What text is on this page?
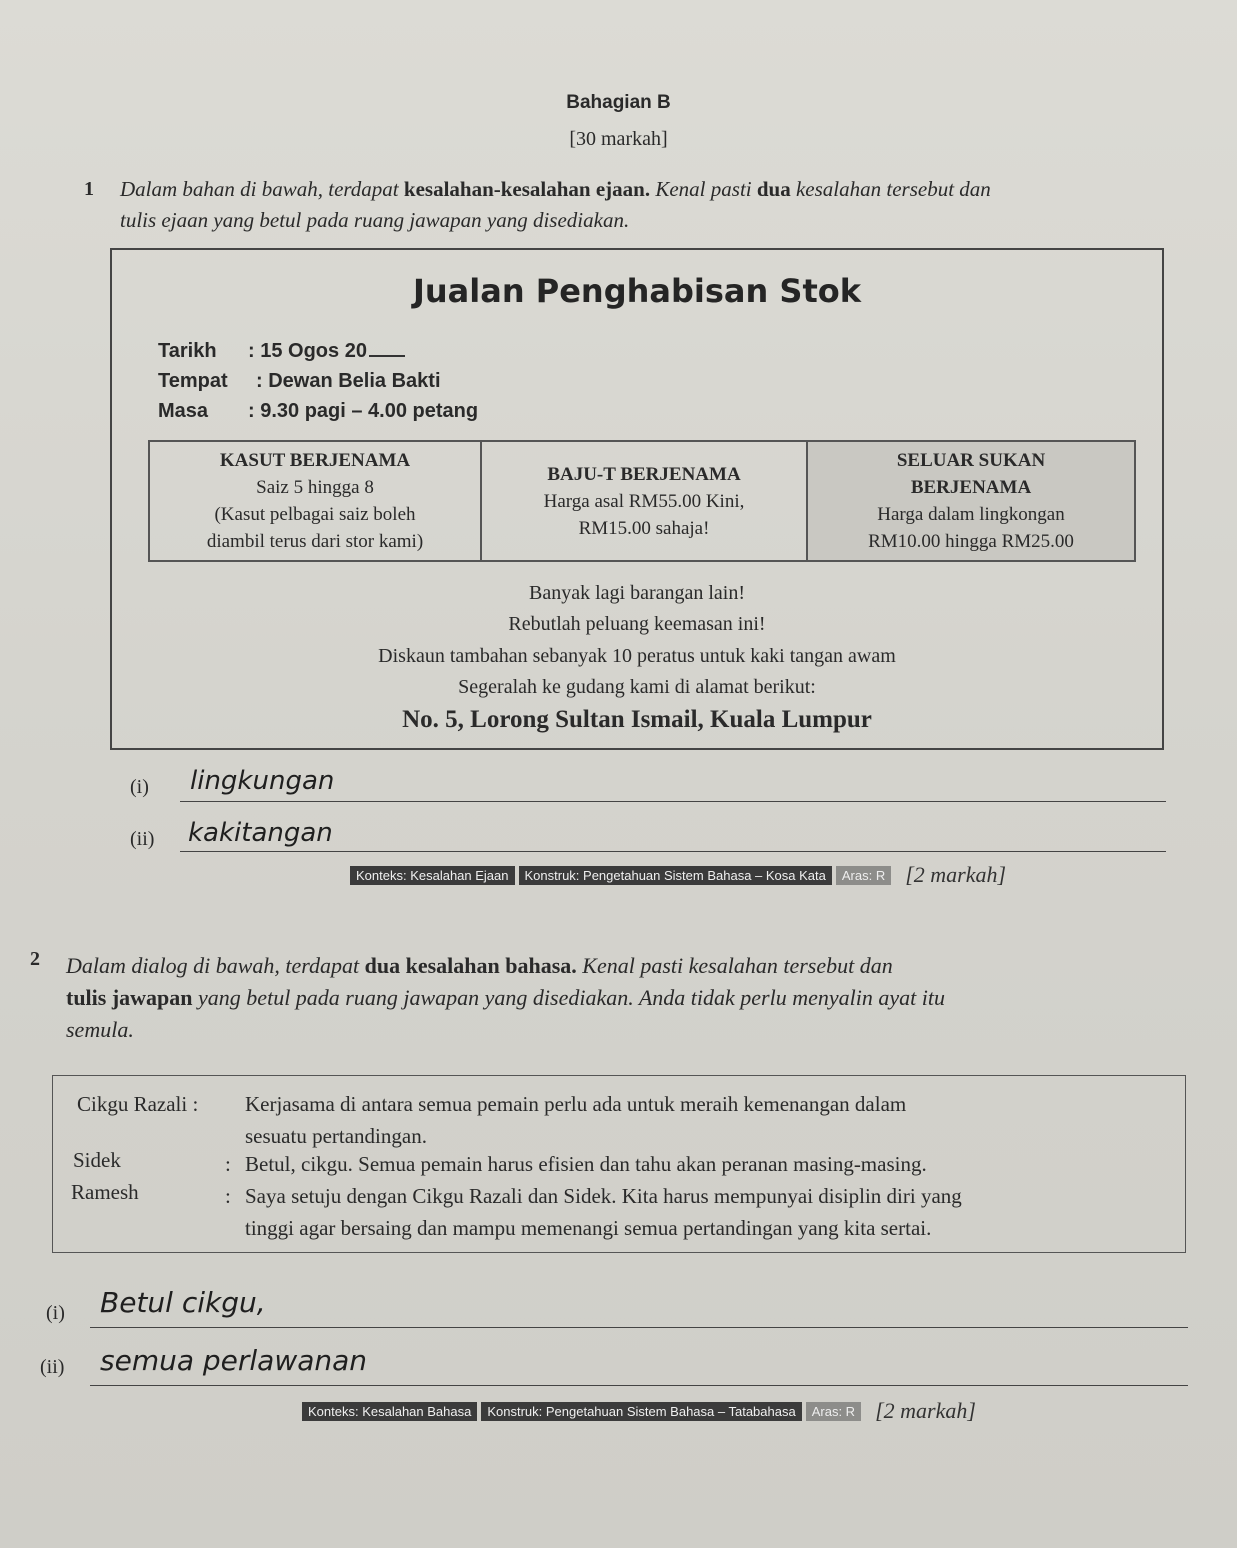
Bahagian B
[30 markah]
1 Dalam bahan di bawah, terdapat kesalahan-kesalahan ejaan. Kenal pasti dua kesalahan tersebut dan
tulis ejaan yang betul pada ruang jawapan yang disediakan.
Jualan Penghabisan Stok
Tarikh : 15 Ogos 20
Tempat : Dewan Belia Bakti
Masa : 9.30 pagi – 4.00 petang
KASUT BERJENAMA
Saiz 5 hingga 8
(Kasut pelbagai saiz boleh
diambil terus dari stor kami)
BAJU-T BERJENAMA
Harga asal RM55.00 Kini,
RM15.00 sahaja!
SELUAR SUKAN
BERJENAMA
Harga dalam lingkongan
RM10.00 hingga RM25.00
Banyak lagi barangan lain!
Rebutlah peluang keemasan ini!
Diskaun tambahan sebanyak 10 peratus untuk kaki tangan awam
Segeralah ke gudang kami di alamat berikut:
No. 5, Lorong Sultan Ismail, Kuala Lumpur
(i) lingkungan
(ii) kakitangan
Konteks: Kesalahan Ejaan	Konstruk: Pengetahuan Sistem Bahasa – Kosa Kata	Aras: R [2 markah]
2 Dalam dialog di bawah, terdapat dua kesalahan bahasa. Kenal pasti kesalahan tersebut dan
tulis jawapan yang betul pada ruang jawapan yang disediakan. Anda tidak perlu menyalin ayat itu
semula.
Cikgu Razali : Kerjasama di antara semua pemain perlu ada untuk meraih kemenangan dalam
sesuatu pertandingan.
Sidek	: Betul, cikgu. Semua pemain harus efisien dan tahu akan peranan masing-masing.
Ramesh	: Saya setuju dengan Cikgu Razali dan Sidek. Kita harus mempunyai disiplin diri yang
tinggi agar bersaing dan mampu memenangi semua pertandingan yang kita sertai.
(i) Betul cikgu,
(ii) semua perlawanan
Konteks: Kesalahan Bahasa	Konstruk: Pengetahuan Sistem Bahasa – Tatabahasa	Aras: R [2 markah]
